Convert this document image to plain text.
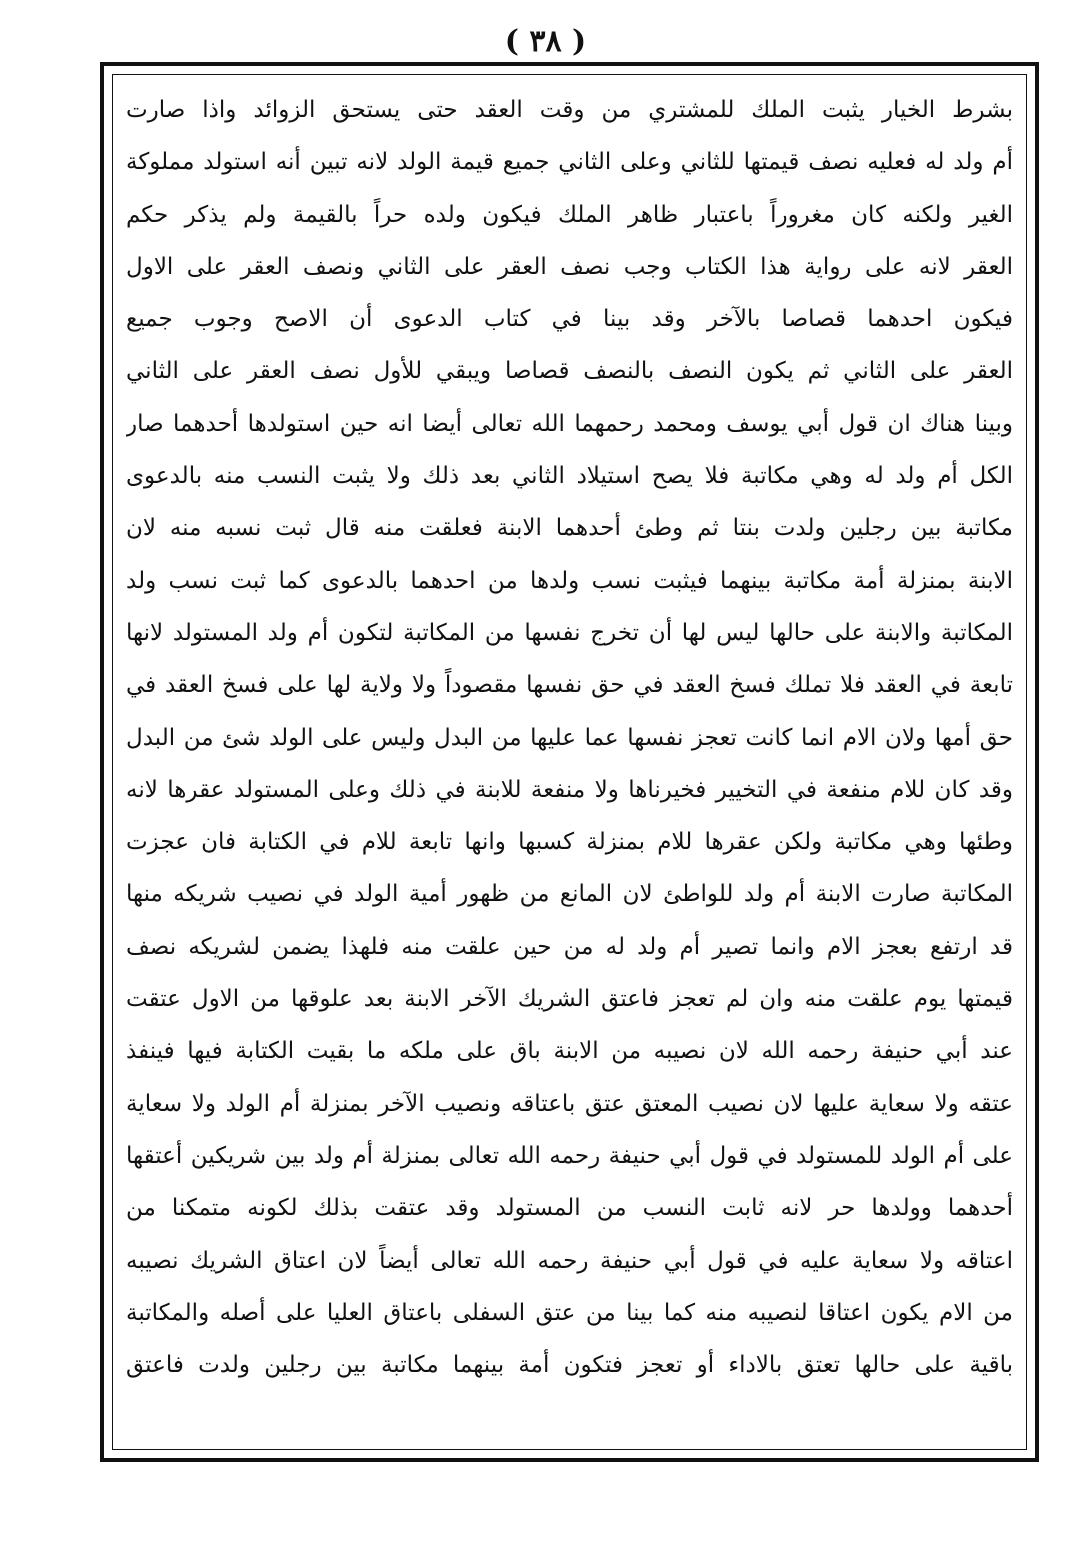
( ٣٨ )
بشرط الخيار يثبت الملك للمشتري من وقت العقد حتى يستحق الزوائد واذا صارت
أم ولد له فعليه نصف قيمتها للثاني وعلى الثاني جميع قيمة الولد لانه تبين أنه استولد مملوكة
الغير ولكنه كان مغروراً باعتبار ظاهر الملك فيكون ولده حراً بالقيمة ولم يذكر حكم
العقر لانه على رواية هذا الكتاب وجب نصف العقر على الثاني ونصف العقر على الاول
فيكون احدهما قصاصا بالآخر وقد بينا في كتاب الدعوى أن الاصح وجوب جميع
العقر على الثاني ثم يكون النصف بالنصف قصاصا ويبقي للأول نصف العقر على الثاني
وبينا هناك ان قول أبي يوسف ومحمد رحمهما الله تعالى أيضا انه حين استولدها أحدهما صار
الكل أم ولد له وهي مكاتبة فلا يصح استيلاد الثاني بعد ذلك ولا يثبت النسب منه بالدعوى
مكاتبة بين رجلين ولدت بنتا ثم وطئ أحدهما الابنة فعلقت منه قال ثبت نسبه منه لان
الابنة بمنزلة أمة مكاتبة بينهما فيثبت نسب ولدها من احدهما بالدعوى كما ثبت نسب ولد
المكاتبة والابنة على حالها ليس لها أن تخرج نفسها من المكاتبة لتكون أم ولد المستولد لانها
تابعة في العقد فلا تملك فسخ العقد في حق نفسها مقصوداً ولا ولاية لها على فسخ العقد في
حق أمها ولان الام انما كانت تعجز نفسها عما عليها من البدل وليس على الولد شئ من البدل
وقد كان للام منفعة في التخيير فخيرناها ولا منفعة للابنة في ذلك وعلى المستولد عقرها لانه
وطئها وهي مكاتبة ولكن عقرها للام بمنزلة كسبها وانها تابعة للام في الكتابة فان عجزت
المكاتبة صارت الابنة أم ولد للواطئ لان المانع من ظهور أمية الولد في نصيب شريكه منها
قد ارتفع بعجز الام وانما تصير أم ولد له من حين علقت منه فلهذا يضمن لشريكه نصف
قيمتها يوم علقت منه وان لم تعجز فاعتق الشريك الآخر الابنة بعد علوقها من الاول عتقت
عند أبي حنيفة رحمه الله لان نصيبه من الابنة باق على ملكه ما بقيت الكتابة فيها فينفذ
عتقه ولا سعاية عليها لان نصيب المعتق عتق باعتاقه ونصيب الآخر بمنزلة أم الولد ولا سعاية
على أم الولد للمستولد في قول أبي حنيفة رحمه الله تعالى بمنزلة أم ولد بين شريكين أعتقها
أحدهما وولدها حر لانه ثابت النسب من المستولد وقد عتقت بذلك لكونه متمكنا من
اعتاقه ولا سعاية عليه في قول أبي حنيفة رحمه الله تعالى أيضاً لان اعتاق الشريك نصيبه
من الام يكون اعتاقا لنصيبه منه كما بينا من عتق السفلى باعتاق العليا على أصله والمكاتبة
باقية على حالها تعتق بالاداء أو تعجز فتكون أمة بينهما مكاتبة بين رجلين ولدت فاعتق
